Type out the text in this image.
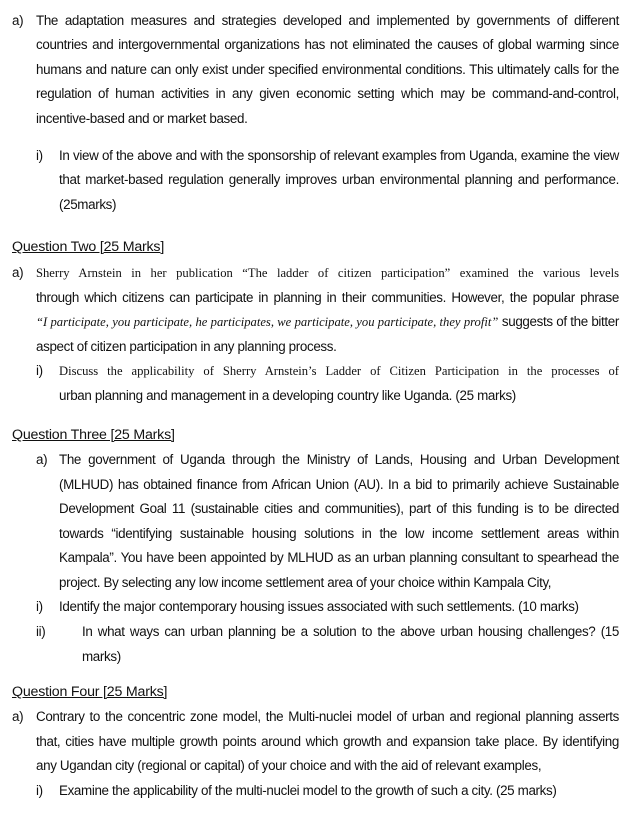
a) The adaptation measures and strategies developed and implemented by governments of different countries and intergovernmental organizations has not eliminated the causes of global warming since humans and nature can only exist under specified environmental conditions. This ultimately calls for the regulation of human activities in any given economic setting which may be command-and-control, incentive-based and or market based.

i) In view of the above and with the sponsorship of relevant examples from Uganda, examine the view that market-based regulation generally improves urban environmental planning and performance. (25marks)

Question Two [25 Marks]
a) Sherry Arnstein in her publication “The ladder of citizen participation” examined the various levels

through which citizens can participate in planning in their communities. However, the popular phrase

“I participate, you participate, he participates, we participate, you participate, they profit” suggests of the bitter aspect of citizen participation in any planning process.

i) Discuss the applicability of Sherry Arnstein’s Ladder of Citizen Participation in the processes of

urban planning and management in a developing country like Uganda. (25 marks)

Question Three [25 Marks]
a) The government of Uganda through the Ministry of Lands, Housing and Urban Development (MLHUD) has obtained finance from African Union (AU). In a bid to primarily achieve Sustainable Development Goal 11 (sustainable cities and communities), part of this funding is to be directed towards “identifying sustainable housing solutions in the low income settlement areas within Kampala”. You have been appointed by MLHUD as an urban planning consultant to spearhead the project. By selecting any low income settlement area of your choice within Kampala City,

i) Identify the major contemporary housing issues associated with such settlements. (10 marks)

ii)	In what ways can urban planning be a solution to the above urban housing challenges? (15 marks)

Question Four [25 Marks]
a) Contrary to the concentric zone model, the Multi-nuclei model of urban and regional planning asserts that, cities have multiple growth points around which growth and expansion take place. By identifying any Ugandan city (regional or capital) of your choice and with the aid of relevant examples,

i) Examine the applicability of the multi-nuclei model to the growth of such a city. (25 marks)
